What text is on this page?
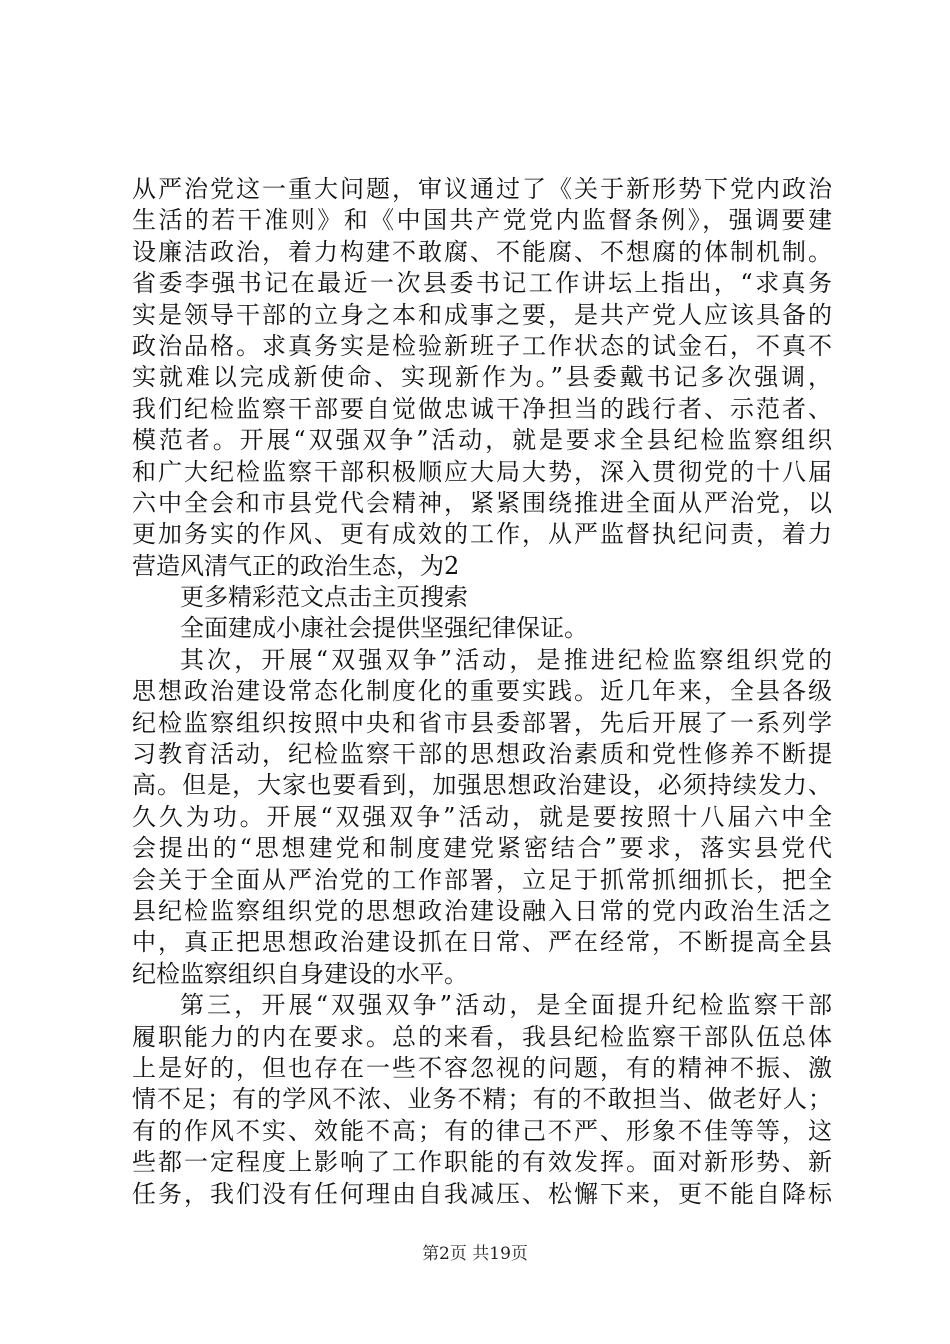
从严治党这一重大问题，审议通过了《关于新形势下党内政治
生活的若干准则》和《中国共产党党内监督条例》，强调要建
设廉洁政治，着力构建不敢腐、不能腐、不想腐的体制机制。
省委李强书记在最近一次县委书记工作讲坛上指出，“求真务
实是领导干部的立身之本和成事之要，是共产党人应该具备的
政治品格。求真务实是检验新班子工作状态的试金石，不真不
实就难以完成新使命、实现新作为。”县委戴书记多次强调，
我们纪检监察干部要自觉做忠诚干净担当的践行者、示范者、
模范者。开展“双强双争”活动，就是要求全县纪检监察组织
和广大纪检监察干部积极顺应大局大势，深入贯彻党的十八届
六中全会和市县党代会精神，紧紧围绕推进全面从严治党，以
更加务实的作风、更有成效的工作，从严监督执纪问责，着力
营造风清气正的政治生态，为2
更多精彩范文点击主页搜索
全面建成小康社会提供坚强纪律保证。
其次，开展“双强双争”活动，是推进纪检监察组织党的
思想政治建设常态化制度化的重要实践。近几年来，全县各级
纪检监察组织按照中央和省市县委部署，先后开展了一系列学
习教育活动，纪检监察干部的思想政治素质和党性修养不断提
高。但是，大家也要看到，加强思想政治建设，必须持续发力、
久久为功。开展“双强双争”活动，就是要按照十八届六中全
会提出的“思想建党和制度建党紧密结合”要求，落实县党代
会关于全面从严治党的工作部署，立足于抓常抓细抓长，把全
县纪检监察组织党的思想政治建设融入日常的党内政治生活之
中，真正把思想政治建设抓在日常、严在经常，不断提高全县
纪检监察组织自身建设的水平。
第三，开展“双强双争”活动，是全面提升纪检监察干部
履职能力的内在要求。总的来看，我县纪检监察干部队伍总体
上是好的，但也存在一些不容忽视的问题，有的精神不振、激
情不足；有的学风不浓、业务不精；有的不敢担当、做老好人；
有的作风不实、效能不高；有的律己不严、形象不佳等等，这
些都一定程度上影响了工作职能的有效发挥。面对新形势、新
任务，我们没有任何理由自我减压、松懈下来，更不能自降标
第2页 共19页
